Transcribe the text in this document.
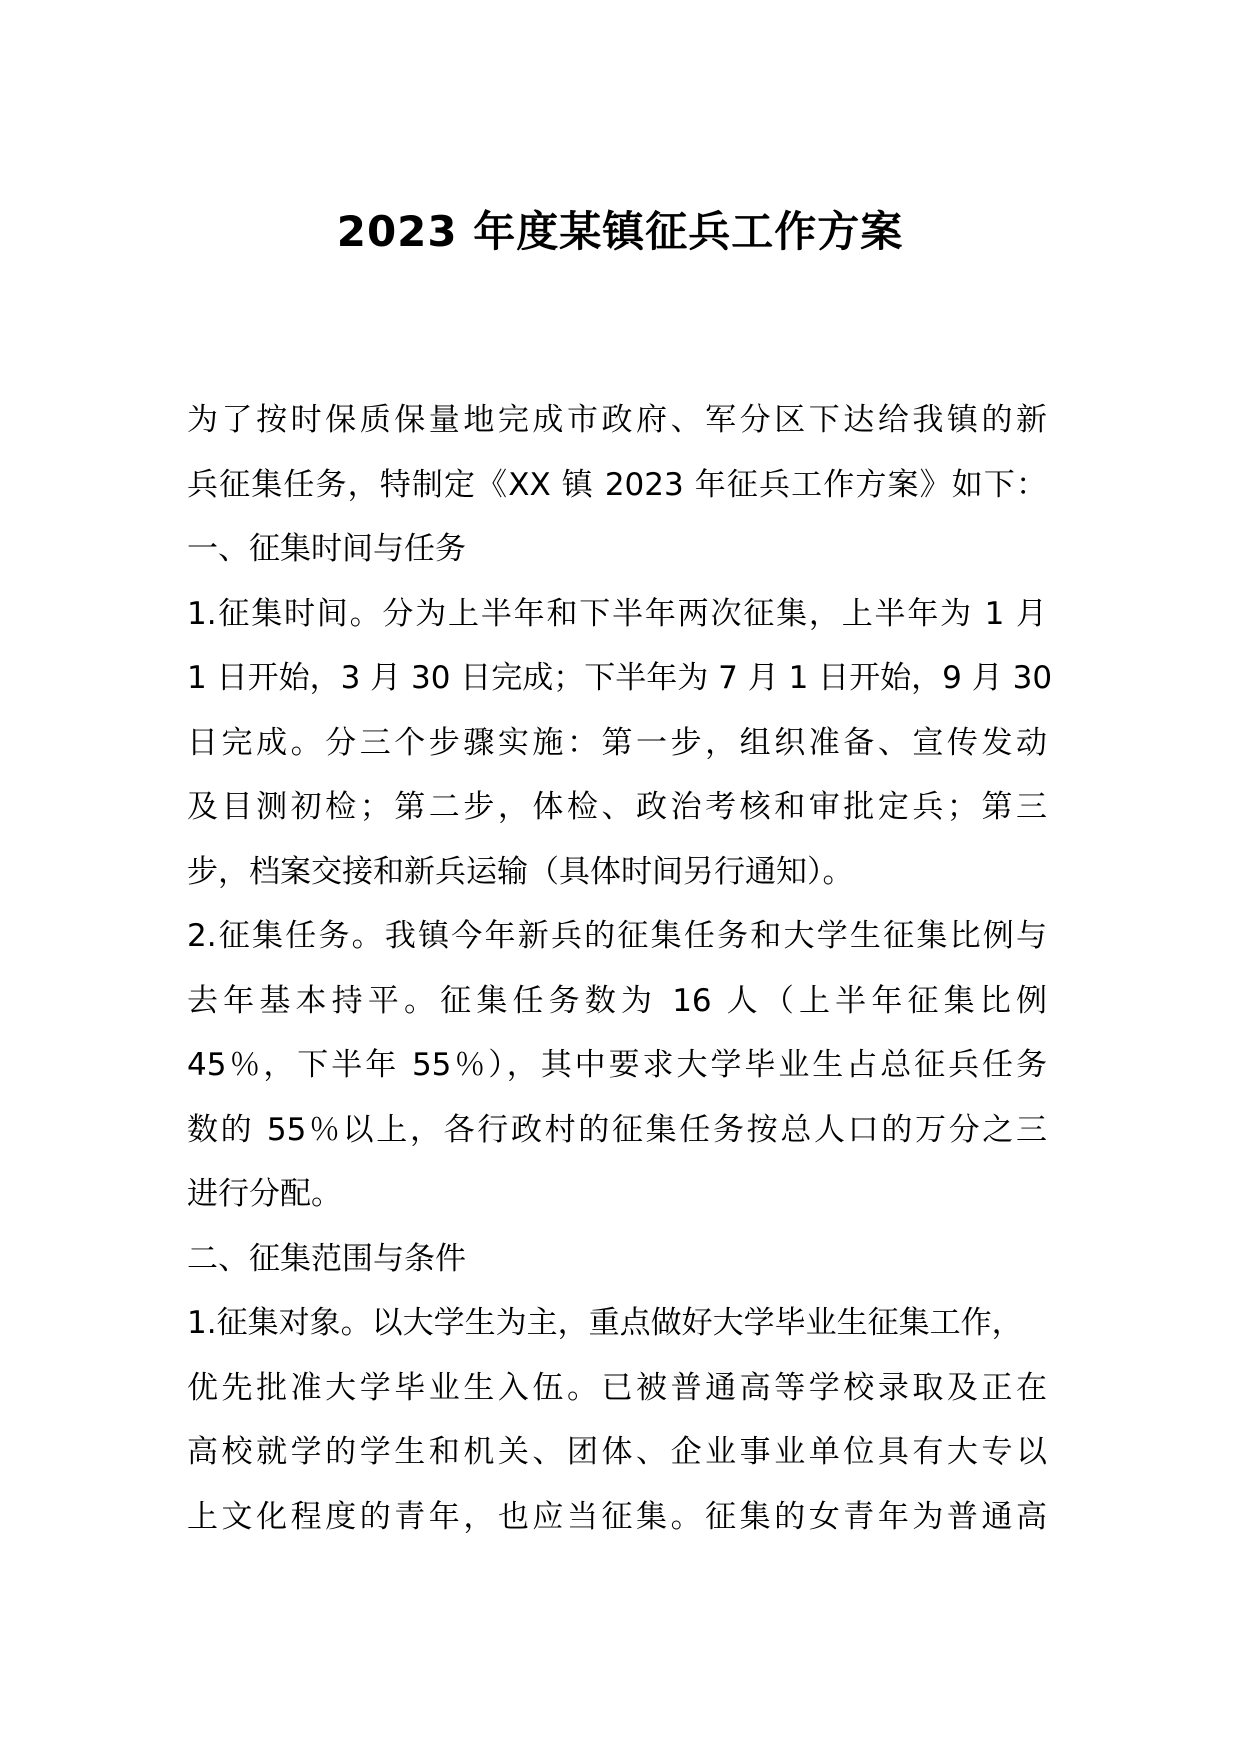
2023 年度某镇征兵工作方案
为了按时保质保量地完成市政府、军分区下达给我镇的新
兵征集任务，特制定《XX 镇 2023 年征兵工作方案》如下：
一、征集时间与任务
1.征集时间。分为上半年和下半年两次征集，上半年为 1 月
1 日开始，3 月 30 日完成；下半年为 7 月 1 日开始，9 月 30
日完成。分三个步骤实施：第一步，组织准备、宣传发动
及目测初检；第二步，体检、政治考核和审批定兵；第三
步，档案交接和新兵运输（具体时间另行通知）。
2.征集任务。我镇今年新兵的征集任务和大学生征集比例与
去年基本持平。征集任务数为 16 人（上半年征集比例
45％，下半年 55％），其中要求大学毕业生占总征兵任务
数的 55％以上，各行政村的征集任务按总人口的万分之三
进行分配。
二、征集范围与条件
1.征集对象。以大学生为主，重点做好大学毕业生征集工作，
优先批准大学毕业生入伍。已被普通高等学校录取及正在
高校就学的学生和机关、团体、企业事业单位具有大专以
上文化程度的青年，也应当征集。征集的女青年为普通高
